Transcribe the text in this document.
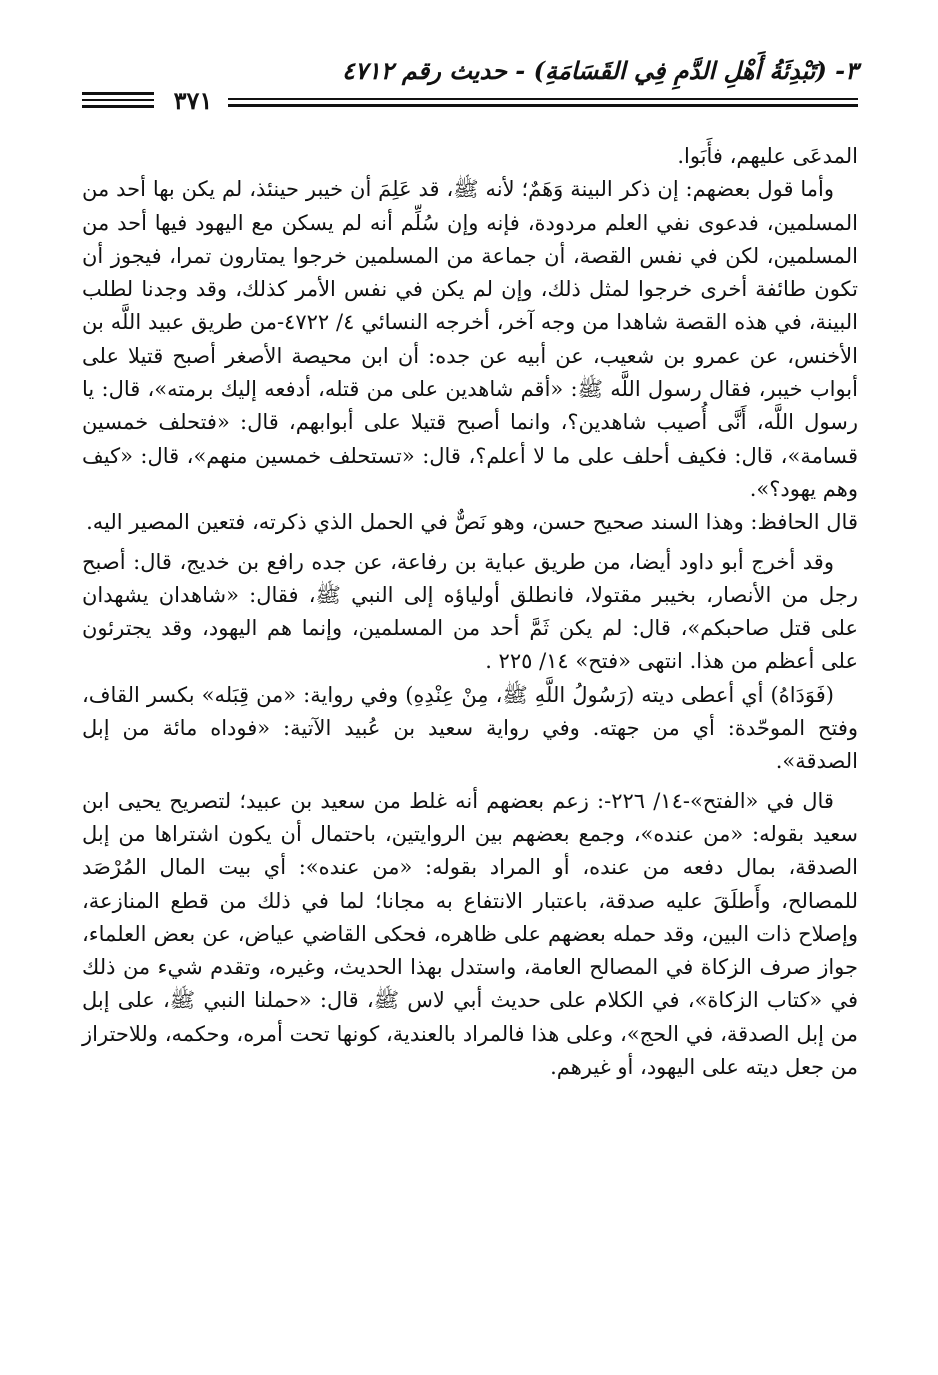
٣- (تَبْدِئَةُ أَهْلِ الدَّمِ فِي القَسَامَةِ) - حديث رقم ٤٧١٢
٣٧١

المدعَى عليهم، فأَبَوا.

وأما قول بعضهم: إن ذكر البينة وَهَمٌ؛ لأنه ﷺ، قد عَلِمَ أن خيبر حينئذ، لم يكن بها أحد من المسلمين، فدعوى نفي العلم مردودة، فإنه وإن سُلِّم أنه لم يسكن مع اليهود فيها أحد من المسلمين، لكن في نفس القصة، أن جماعة من المسلمين خرجوا يمتارون تمرا، فيجوز أن تكون طائفة أخرى خرجوا لمثل ذلك، وإن لم يكن في نفس الأمر كذلك، وقد وجدنا لطلب البينة، في هذه القصة شاهدا من وجه آخر، أخرجه النسائي ٤/ ٤٧٢٢-من طريق عبيد اللَّه بن الأخنس، عن عمرو بن شعيب، عن أبيه عن جده: أن ابن محيصة الأصغر أصبح قتيلا على أبواب خيبر، فقال رسول اللَّه ﷺ: «أقم شاهدين على من قتله، أدفعه إليك برمته»، قال: يا رسول اللَّه، أَنَّى أُصيب شاهدين؟، وانما أصبح قتيلا على أبوابهم، قال: «فتحلف خمسين قسامة»، قال: فكيف أحلف على ما لا أعلم؟، قال: «تستحلف خمسين منهم»، قال: «كيف وهم يهود؟».

قال الحافظ: وهذا السند صحيح حسن، وهو نَصٌّ في الحمل الذي ذكرته، فتعين المصير اليه.

وقد أخرج أبو داود أيضا، من طريق عباية بن رفاعة، عن جده رافع بن خديج، قال: أصبح رجل من الأنصار، بخيبر مقتولا، فانطلق أولياؤه إلى النبي ﷺ، فقال: «شاهدان يشهدان على قتل صاحبكم»، قال: لم يكن ثَمَّ أحد من المسلمين، وإنما هم اليهود، وقد يجترئون على أعظم من هذا. انتهى «فتح» ١٤/ ٢٢٥ .

(فَوَدَاهُ) أي أعطى ديته (رَسُولُ اللَّهِ ﷺ، مِنْ عِنْدِهِ) وفي رواية: «من قِبَله» بكسر القاف، وفتح الموحّدة: أي من جهته. وفي رواية سعيد بن عُبيد الآتية: «فوداه مائة من إبل الصدقة».

قال في «الفتح»-١٤/ ٢٢٦-: زعم بعضهم أنه غلط من سعيد بن عبيد؛ لتصريح يحيى ابن سعيد بقوله: «من عنده»، وجمع بعضهم بين الروايتين، باحتمال أن يكون اشتراها من إبل الصدقة، بمال دفعه من عنده، أو المراد بقوله: «من عنده»: أي بيت المال المُرْصَد للمصالح، وأَطلَقَ عليه صدقة، باعتبار الانتفاع به مجانا؛ لما في ذلك من قطع المنازعة، وإصلاح ذات البين، وقد حمله بعضهم على ظاهره، فحكى القاضي عياض، عن بعض العلماء، جواز صرف الزكاة في المصالح العامة، واستدل بهذا الحديث، وغيره، وتقدم شيء من ذلك في «كتاب الزكاة»، في الكلام على حديث أبي لاس ﷺ، قال: «حملنا النبي ﷺ، على إبل من إبل الصدقة، في الحج»، وعلى هذا فالمراد بالعندية، كونها تحت أمره، وحكمه، وللاحتراز من جعل ديته على اليهود، أو غيرهم.
